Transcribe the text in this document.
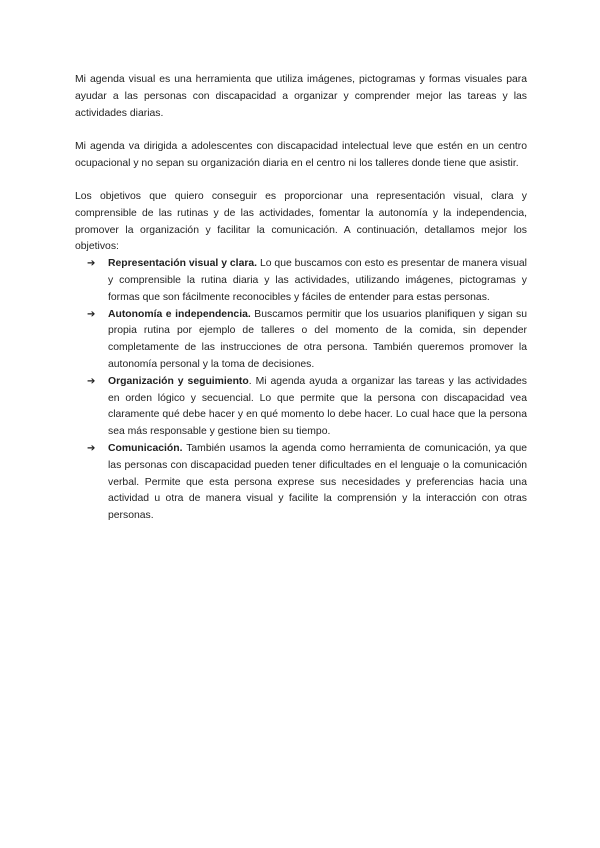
Mi agenda visual es una herramienta que utiliza imágenes, pictogramas y formas visuales para ayudar a las personas con discapacidad a organizar y comprender mejor las tareas y las actividades diarias.

Mi agenda va dirigida a adolescentes con discapacidad intelectual leve que estén en un centro ocupacional y no sepan su organización diaria en el centro ni los talleres donde tiene que asistir.

Los objetivos que quiero conseguir es proporcionar una representación visual, clara y comprensible de las rutinas y de las actividades, fomentar la autonomía y la independencia, promover la organización y facilitar la comunicación. A continuación, detallamos mejor los objetivos:

➔ Representación visual y clara. Lo que buscamos con esto es presentar de manera visual y comprensible la rutina diaria y las actividades, utilizando imágenes, pictogramas y formas que son fácilmente reconocibles y fáciles de entender para estas personas.
➔ Autonomía e independencia. Buscamos permitir que los usuarios planifiquen y sigan su propia rutina por ejemplo de talleres o del momento de la comida, sin depender completamente de las instrucciones de otra persona. También queremos promover la autonomía personal y la toma de decisiones.
➔ Organización y seguimiento. Mi agenda ayuda a organizar las tareas y las actividades en orden lógico y secuencial. Lo que permite que la persona con discapacidad vea claramente qué debe hacer y en qué momento lo debe hacer. Lo cual hace que la persona sea más responsable y gestione bien su tiempo.
➔ Comunicación. También usamos la agenda como herramienta de comunicación, ya que las personas con discapacidad pueden tener dificultades en el lenguaje o la comunicación verbal. Permite que esta persona exprese sus necesidades y preferencias hacia una actividad u otra de manera visual y facilite la comprensión y la interacción con otras personas.
